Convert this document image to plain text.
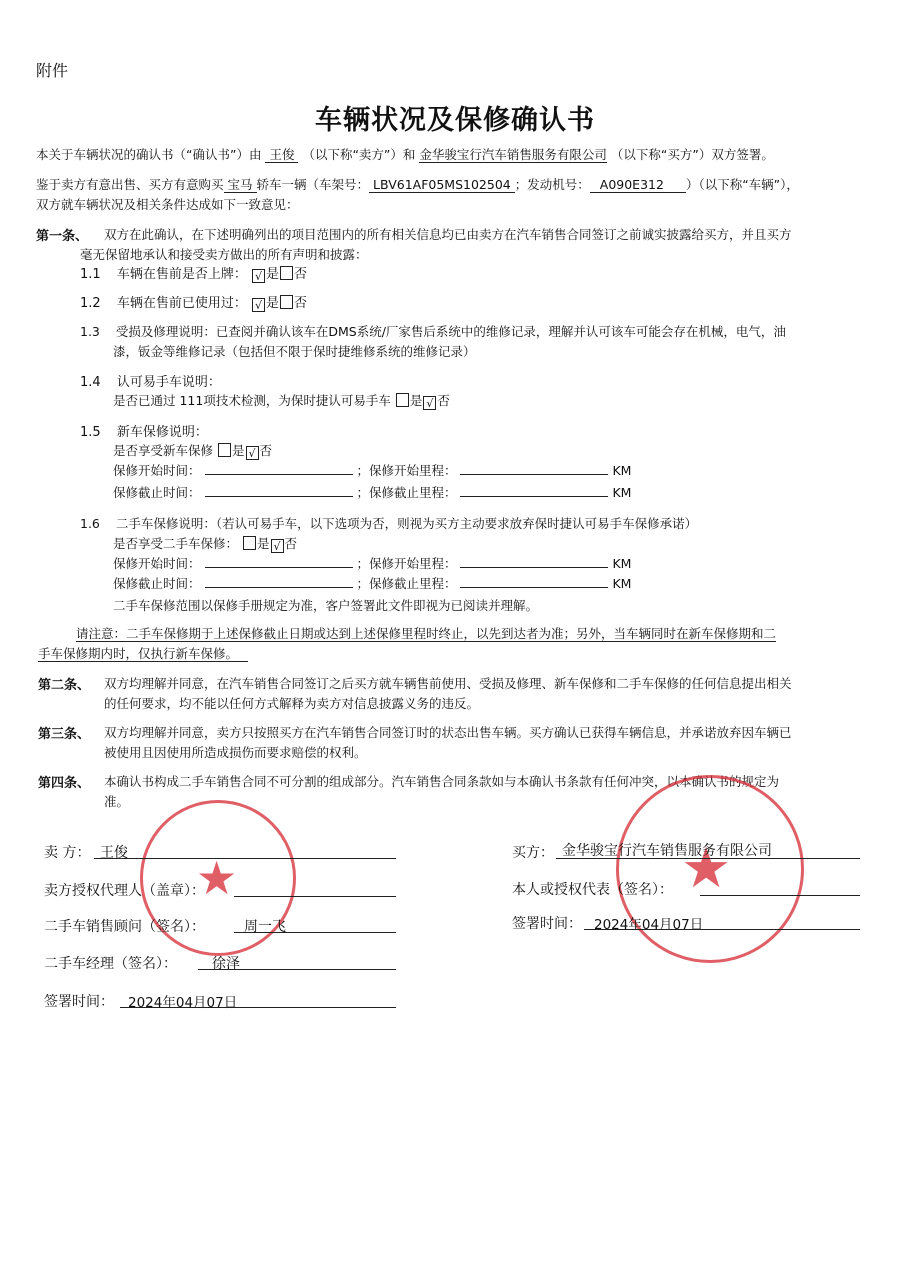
附件
车辆状况及保修确认书
本关于车辆状况的确认书（“确认书”）由 王俊 （以下称“卖方”）和 金华骏宝行汽车销售服务有限公司 （以下称“买方”）双方签署。
鉴于卖方有意出售、买方有意购买 宝马 轿车一辆（车架号： LBV61AF05MS102504 ；发动机号： A090E312 ）（以下称“车辆”），
双方就车辆状况及相关条件达成如下一致意见：
第一条、 双方在此确认，在下述明确列出的项目范围内的所有相关信息均已由卖方在汽车销售合同签订之前诚实披露给买方，并且买方
毫无保留地承认和接受卖方做出的所有声明和披露：
1.1 车辆在售前是否上牌： √ 是 否
1.2 车辆在售前已使用过： √ 是 否
1.3 受损及修理说明：已查阅并确认该车在DMS系统/厂家售后系统中的维修记录，理解并认可该车可能会存在机械，电气，油
漆，钣金等维修记录（包括但不限于保时捷维修系统的维修记录）
1.4 认可易手车说明：
是否已通过 111项技术检测，为保时捷认可易手车 是 √ 否
1.5 新车保修说明：
是否享受新车保修 是 √ 否
保修开始时间：	；保修开始里程：	KM
保修截止时间：	；保修截止里程：	KM
1.6 二手车保修说明：（若认可易手车，以下选项为否，则视为买方主动要求放弃保时捷认可易手车保修承诺）
是否享受二手车保修： 是 √ 否
保修开始时间：	；保修开始里程：	KM
保修截止时间：	；保修截止里程：	KM
二手车保修范围以保修手册规定为准，客户签署此文件即视为已阅读并理解。
请注意：二手车保修期于上述保修截止日期或达到上述保修里程时终止，以先到达者为准；另外，当车辆同时在新车保修期和二
手车保修期内时，仅执行新车保修。
第二条、 双方均理解并同意，在汽车销售合同签订之后买方就车辆售前使用、受损及修理、新车保修和二手车保修的任何信息提出相关
的任何要求，均不能以任何方式解释为卖方对信息披露义务的违反。
第三条、 双方均理解并同意，卖方只按照买方在汽车销售合同签订时的状态出售车辆。买方确认已获得车辆信息，并承诺放弃因车辆已
被使用且因使用所造成损伤而要求赔偿的权利。
第四条、 本确认书构成二手车销售合同不可分割的组成部分。汽车销售合同条款如与本确认书条款有任何冲突，以本确认书的规定为
准。
★	★
卖 方： 王俊
卖方授权代理人（盖章）：
二手车销售顾问（签名）：	周一飞
二手车经理（签名）：	徐泽
签署时间： 2024年04月07日
买方： 金华骏宝行汽车销售服务有限公司
本人或授权代表（签名）：
签署时间： 2024年04月07日
